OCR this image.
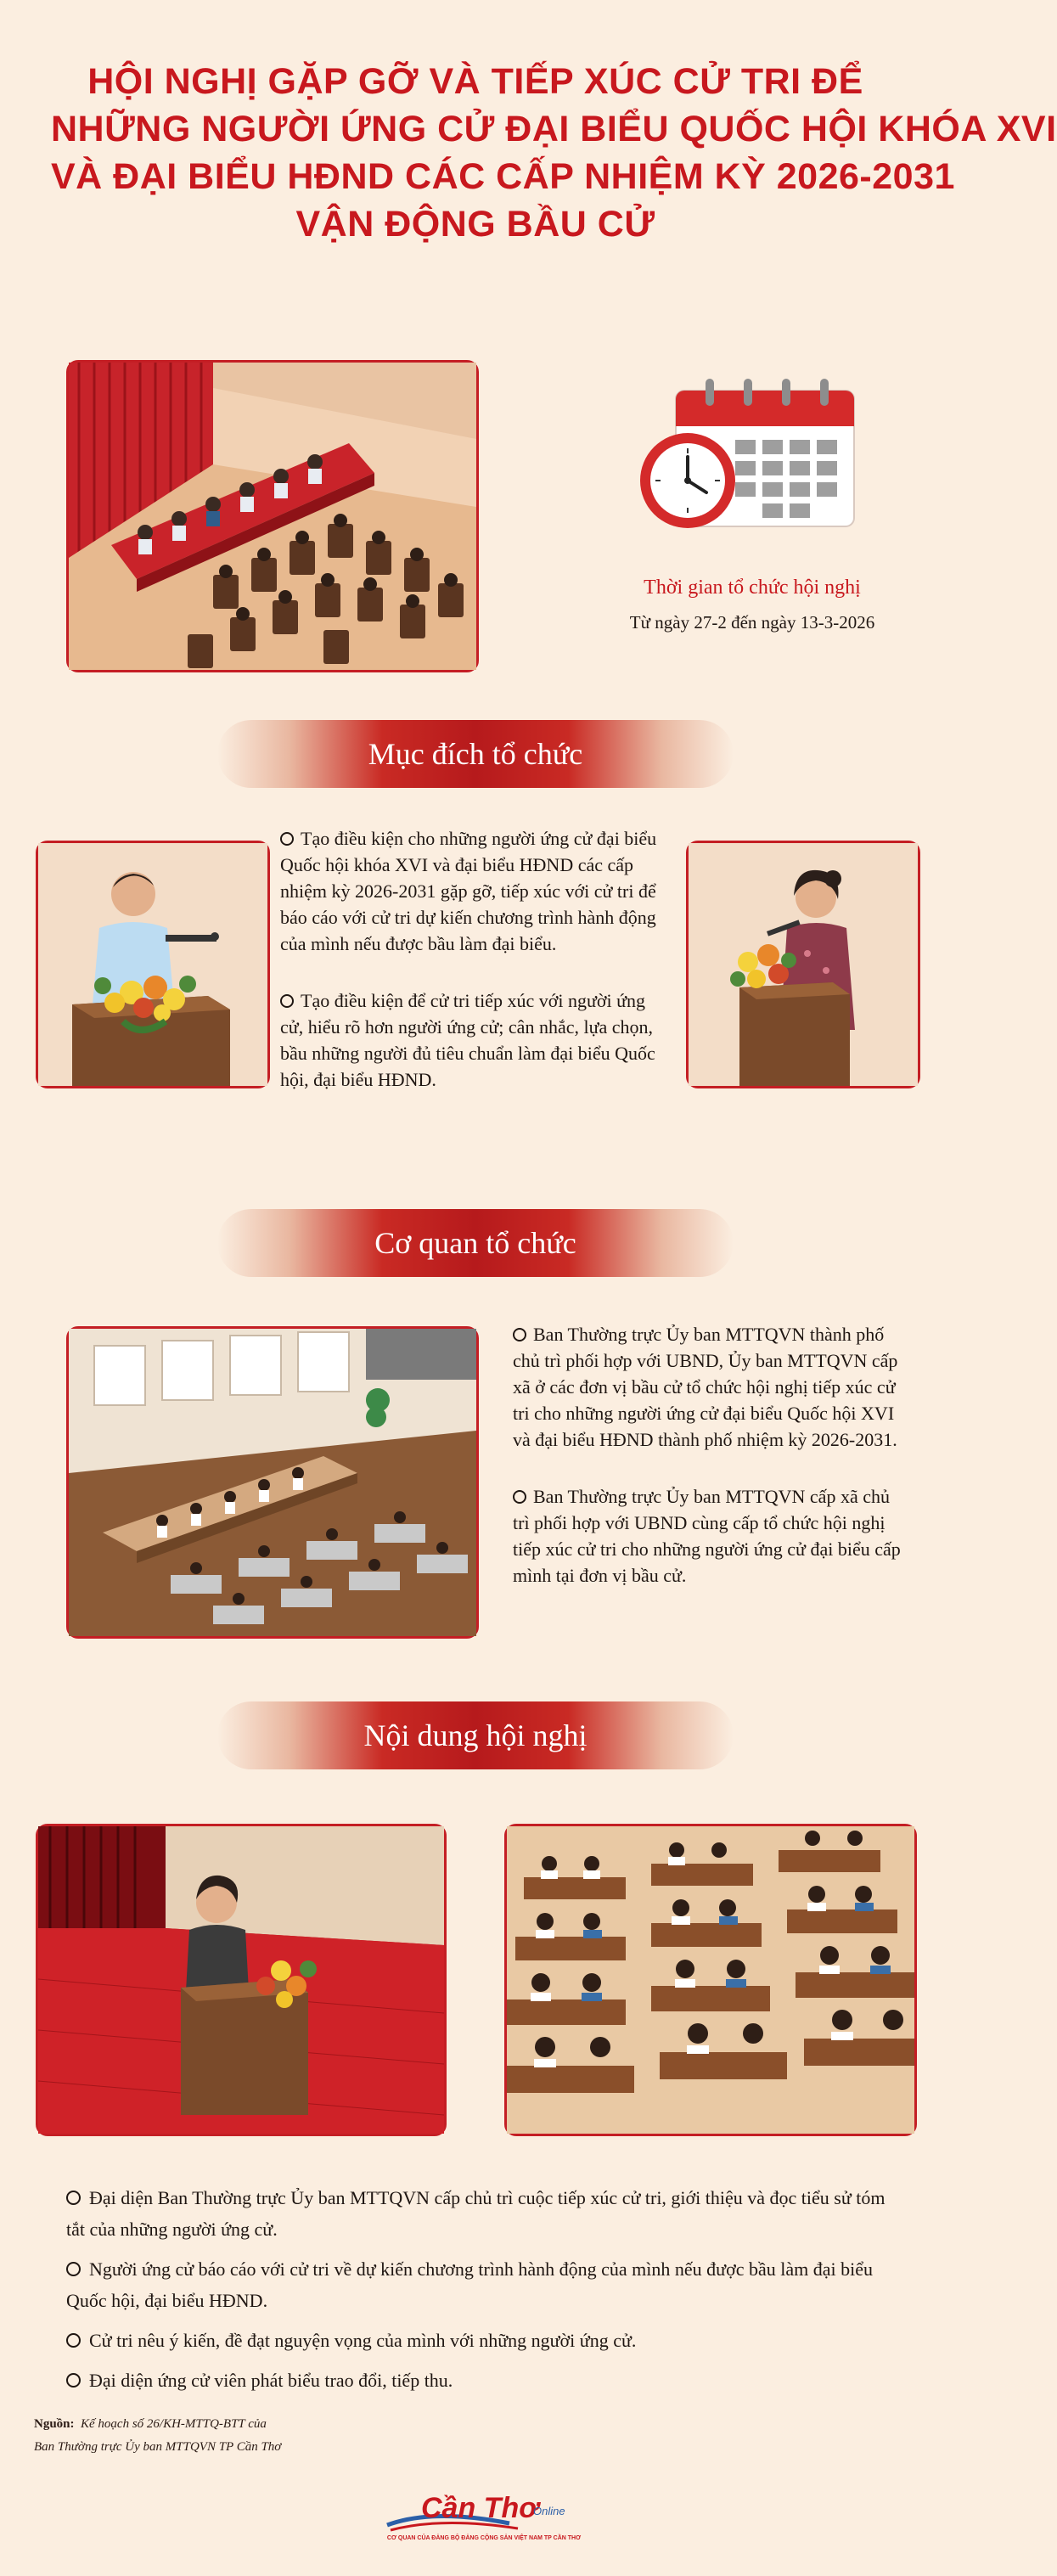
HỘI NGHỊ GẶP GỠ VÀ TIẾP XÚC CỬ TRI ĐỂ
NHỮNG NGƯỜI ỨNG CỬ ĐẠI BIỂU QUỐC HỘI KHÓA XVI
VÀ ĐẠI BIỂU HĐND CÁC CẤP NHIỆM KỲ 2026-2031
VẬN ĐỘNG BẦU CỬ
Thời gian tổ chức hội nghị
Từ ngày 27-2 đến ngày 13-3-2026
Mục đích tổ chức

Tạo điều kiện cho những người ứng cử đại biểu Quốc hội khóa XVI và đại biểu HĐND các cấp nhiệm kỳ 2026-2031 gặp gỡ, tiếp xúc với cử tri để báo cáo với cử tri dự kiến chương trình hành động của mình nếu được bầu làm đại biểu.

Tạo điều kiện để cử tri tiếp xúc với người ứng cử, hiểu rõ hơn người ứng cử; cân nhắc, lựa chọn, bầu những người đủ tiêu chuẩn làm đại biểu Quốc hội, đại biểu HĐND.

Cơ quan tổ chức

Ban Thường trực Ủy ban MTTQVN thành phố chủ trì phối hợp với UBND, Ủy ban MTTQVN cấp xã ở các đơn vị bầu cử tổ chức hội nghị tiếp xúc cử tri cho những người ứng cử đại biểu Quốc hội XVI và đại biểu HĐND thành phố nhiệm kỳ 2026-2031.

Ban Thường trực Ủy ban MTTQVN cấp xã chủ trì phối hợp với UBND cùng cấp tổ chức hội nghị tiếp xúc cử tri cho những người ứng cử đại biểu cấp mình tại đơn vị bầu cử.

Nội dung hội nghị

Đại diện Ban Thường trực Ủy ban MTTQVN cấp chủ trì cuộc tiếp xúc cử tri, giới thiệu và đọc tiểu sử tóm tắt của những người ứng cử.

Người ứng cử báo cáo với cử tri về dự kiến chương trình hành động của mình nếu được bầu làm đại biểu Quốc hội, đại biểu HĐND.

Cử tri nêu ý kiến, đề đạt nguyện vọng của mình với những người ứng cử.

Đại diện ứng cử viên phát biểu trao đổi, tiếp thu.

Nguồn: Kế hoạch số 26/KH-MTTQ-BTT của
Ban Thường trực Ủy ban MTTQVN TP Cần Thơ
Cần Thơ
Online
CƠ QUAN CỦA ĐẢNG BỘ ĐẢNG CỘNG SẢN VIỆT NAM TP CẦN THƠ
